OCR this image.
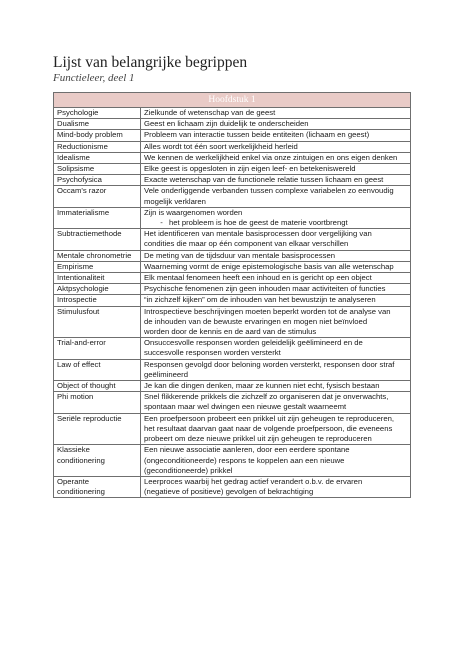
Lijst van belangrijke begrippen
Functieleer, deel 1
Hoofdstuk 1	

Psychologie	Zielkunde of wetenschap van de geest

Dualisme	Geest en lichaam zijn duidelijk te onderscheiden

Mind-body problem	Probleem van interactie tussen beide entiteiten (lichaam en geest)

Reductionisme	Alles wordt tot één soort werkelijkheid herleid

Idealisme	We kennen de werkelijkheid enkel via onze zintuigen en ons eigen denken

Solipsisme	Elke geest is opgesloten in zijn eigen leef- en betekeniswereld

Psychofysica	Exacte wetenschap van de functionele relatie tussen lichaam en geest

Occam's razor	Vele onderliggende verbanden tussen complexe variabelen zo eenvoudig
mogelijk verklaren

Immaterialisme	Zijn is waargenomen worden
- het probleem is hoe de geest de materie voortbrengt

Subtractiemethode	Het identificeren van mentale basisprocessen door vergelijking van
condities die maar op één component van elkaar verschillen

Mentale chronometrie	De meting van de tijdsduur van mentale basisprocessen

Empirisme	Waarneming vormt de enige epistemologische basis van alle wetenschap

Intentionaliteit	Elk mentaal fenomeen heeft een inhoud en is gericht op een object

Aktpsychologie	Psychische fenomenen zijn geen inhouden maar activiteiten of functies

Introspectie	“in zichzelf kijken” om de inhouden van het bewustzijn te analyseren

Stimulusfout	Introspectieve beschrijvingen moeten beperkt worden tot de analyse van
de inhouden van de bewuste ervaringen en mogen niet beïnvloed
worden door de kennis en de aard van de stimulus

Trial-and-error	Onsuccesvolle responsen worden geleidelijk geëlimineerd en de
succesvolle responsen worden versterkt

Law of effect	Responsen gevolgd door beloning worden versterkt, responsen door straf
geëlimineerd

Object of thought	Je kan die dingen denken, maar ze kunnen niet echt, fysisch bestaan

Phi motion	Snel flikkerende prikkels die zichzelf zo organiseren dat je onverwachts,
spontaan maar wel dwingen een nieuwe gestalt waarneemt

Seriële reproductie	Een proefpersoon probeert een prikkel uit zijn geheugen te reproduceren,
het resultaat daarvan gaat naar de volgende proefpersoon, die eveneens
probeert om deze nieuwe prikkel uit zijn geheugen te reproduceren

Klassieke
conditionering	Een nieuwe associatie aanleren, door een eerdere spontane
(ongeconditioneerde) respons te koppelen aan een nieuwe
(geconditioneerde) prikkel

Operante
conditionering	Leerproces waarbij het gedrag actief verandert o.b.v. de ervaren
(negatieve of positieve) gevolgen of bekrachtiging
